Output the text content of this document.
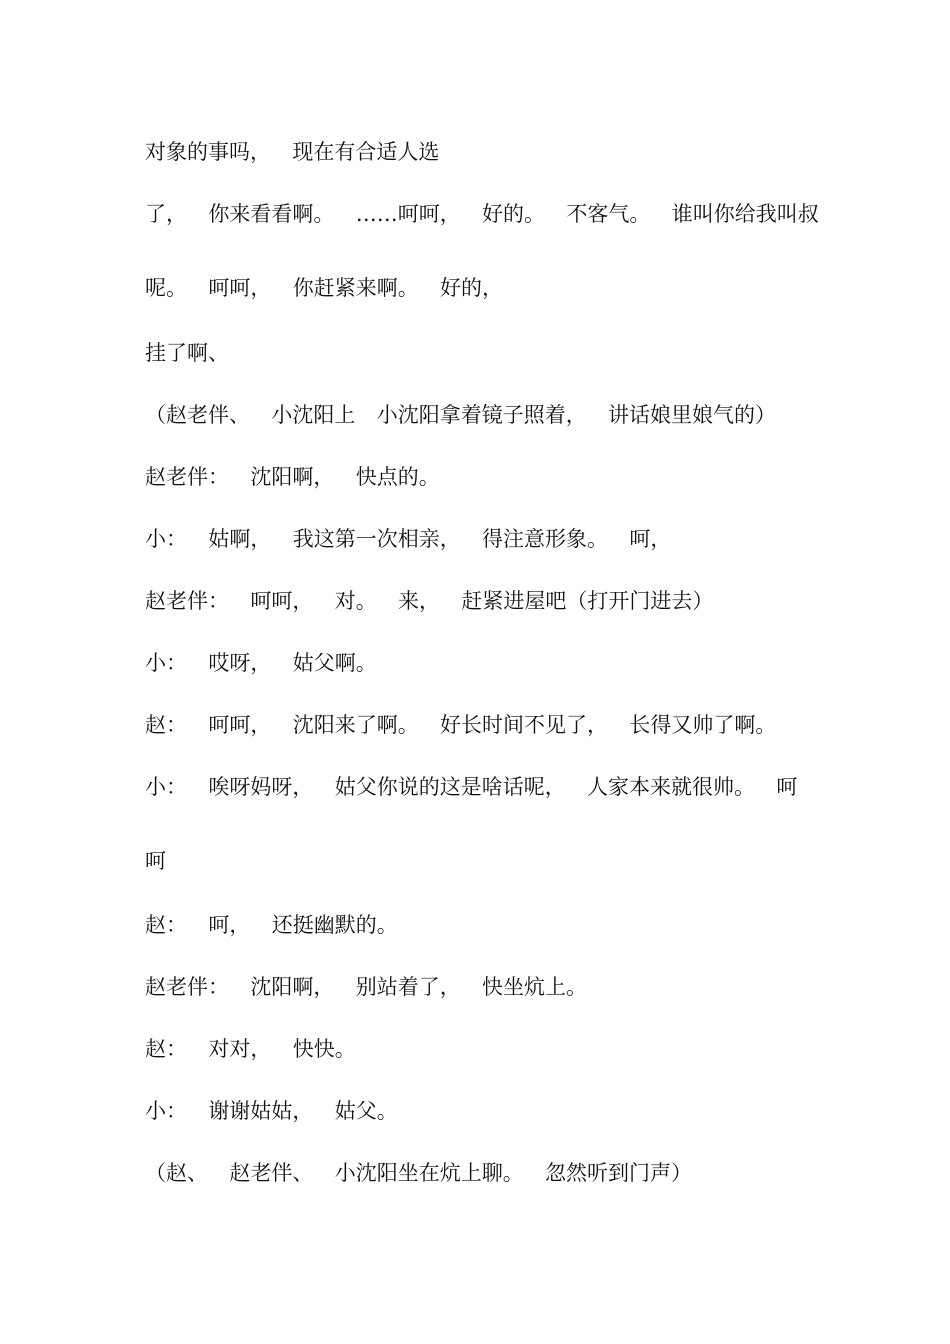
对象的事吗，  现在有合适人选
了，  你来看看啊。  ……呵呵，  好的。  不客气。  谁叫你给我叫叔
呢。  呵呵，  你赶紧来啊。  好的，
挂了啊、
（赵老伴、  小沈阳上  小沈阳拿着镜子照着，  讲话娘里娘气的）
赵老伴：  沈阳啊，  快点的。
小：  姑啊，  我这第一次相亲，  得注意形象。  呵，
赵老伴：  呵呵，  对。  来，  赶紧进屋吧（打开门进去）
小：  哎呀，  姑父啊。
赵：  呵呵，  沈阳来了啊。  好长时间不见了，  长得又帅了啊。
小：  唉呀妈呀，  姑父你说的这是啥话呢，  人家本来就很帅。  呵
呵
赵：  呵，  还挺幽默的。
赵老伴：  沈阳啊，  别站着了，  快坐炕上。
赵：  对对，  快快。
小：  谢谢姑姑，  姑父。
（赵、  赵老伴、  小沈阳坐在炕上聊。  忽然听到门声）
